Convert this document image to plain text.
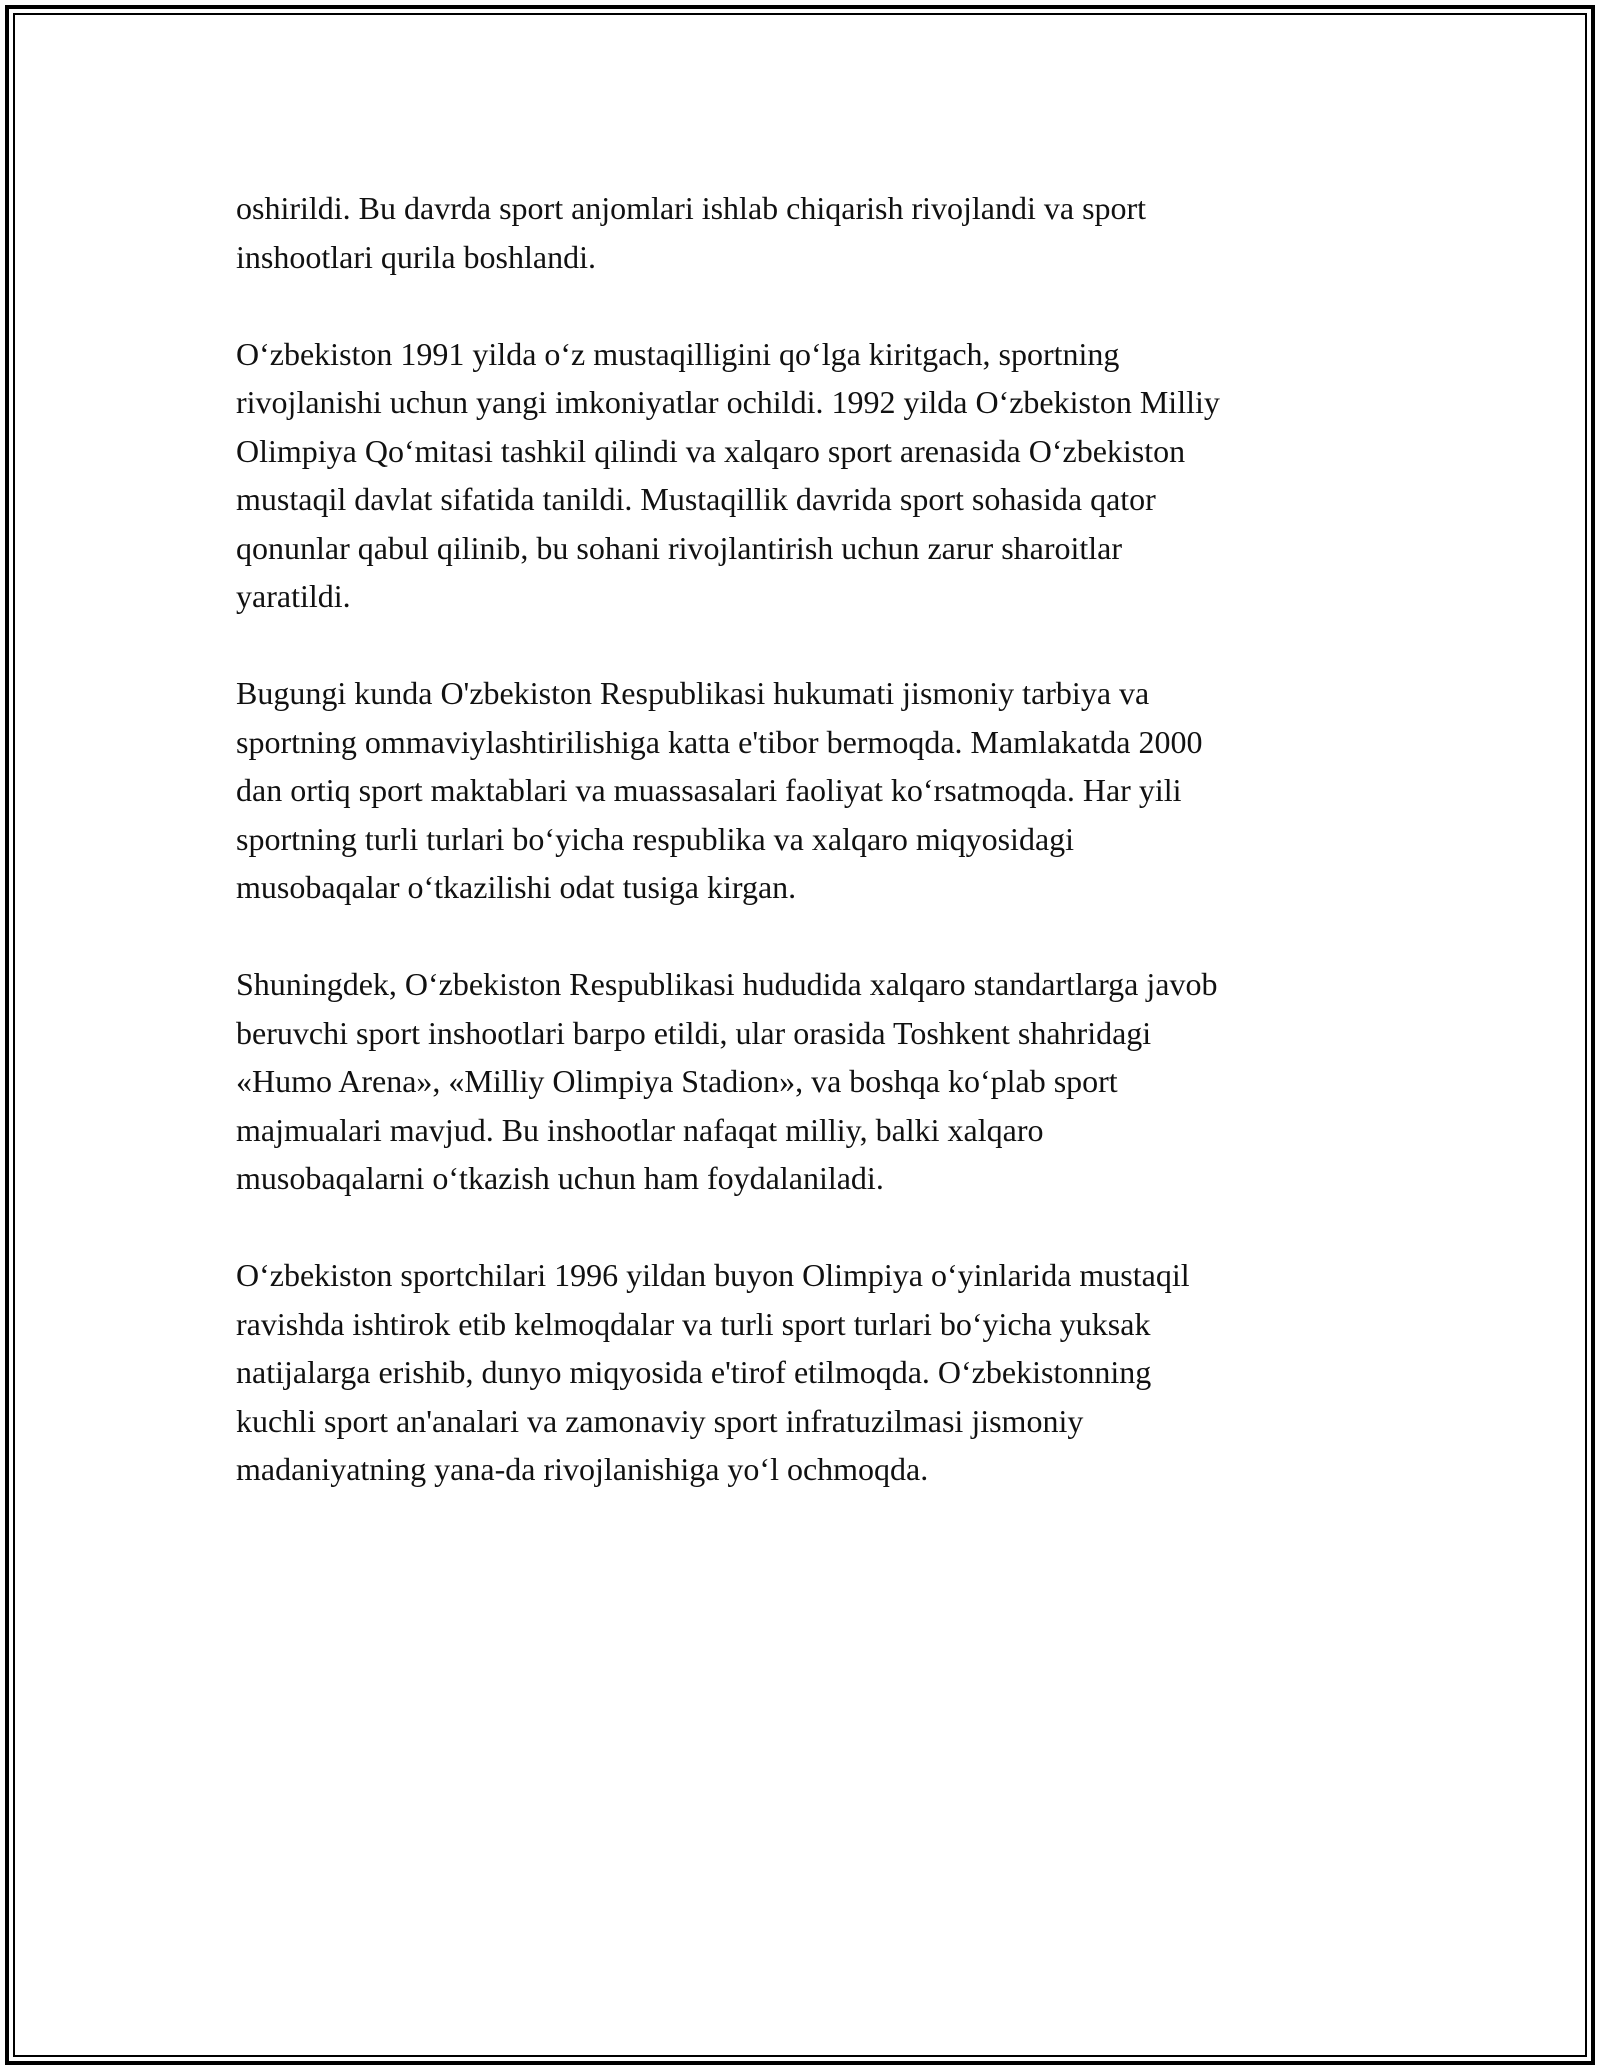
oshirildi. Bu davrda sport anjomlari ishlab chiqarish rivojlandi va sport
inshootlari qurila boshlandi.

O‘zbekiston 1991 yilda o‘z mustaqilligini qo‘lga kiritgach, sportning
rivojlanishi uchun yangi imkoniyatlar ochildi. 1992 yilda O‘zbekiston Milliy
Olimpiya Qo‘mitasi tashkil qilindi va xalqaro sport arenasida O‘zbekiston
mustaqil davlat sifatida tanildi. Mustaqillik davrida sport sohasida qator
qonunlar qabul qilinib, bu sohani rivojlantirish uchun zarur sharoitlar
yaratildi.

Bugungi kunda O'zbekiston Respublikasi hukumati jismoniy tarbiya va
sportning ommaviylashtirilishiga katta e'tibor bermoqda. Mamlakatda 2000
dan ortiq sport maktablari va muassasalari faoliyat ko‘rsatmoqda. Har yili
sportning turli turlari bo‘yicha respublika va xalqaro miqyosidagi
musobaqalar o‘tkazilishi odat tusiga kirgan.

Shuningdek, O‘zbekiston Respublikasi hududida xalqaro standartlarga javob
beruvchi sport inshootlari barpo etildi, ular orasida Toshkent shahridagi
«Humo Arena», «Milliy Olimpiya Stadion», va boshqa ko‘plab sport
majmualari mavjud. Bu inshootlar nafaqat milliy, balki xalqaro
musobaqalarni o‘tkazish uchun ham foydalaniladi.

O‘zbekiston sportchilari 1996 yildan buyon Olimpiya o‘yinlarida mustaqil
ravishda ishtirok etib kelmoqdalar va turli sport turlari bo‘yicha yuksak
natijalarga erishib, dunyo miqyosida e'tirof etilmoqda. O‘zbekistonning
kuchli sport an'analari va zamonaviy sport infratuzilmasi jismoniy
madaniyatning yana-da rivojlanishiga yo‘l ochmoqda.
